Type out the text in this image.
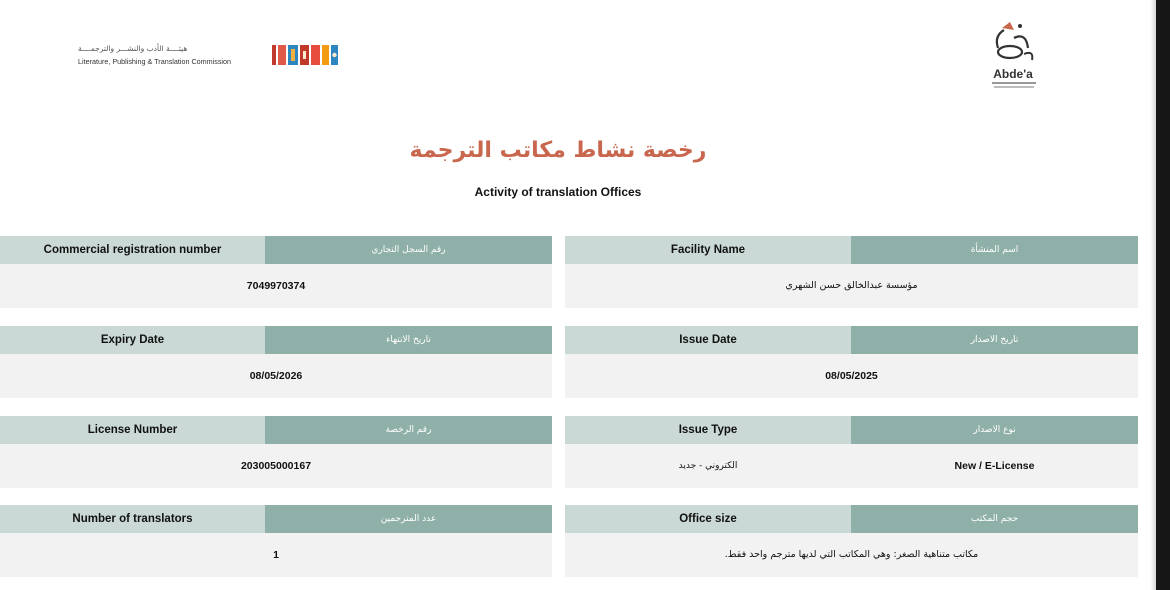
هيئــــة الأدب والنشـــر والترجمــــة
Literature, Publishing & Translation Commission
Abde'a
رخصة نشاط مكاتب الترجمة
Activity of translation Offices
Commercial registration number	رقم السجل التجاري
7049970374
Facility Name	اسم المنشأة
مؤسسة عبدالخالق حسن الشهري
Expiry Date	تاريخ الانتهاء
08/05/2026
Issue Date	تاريخ الاصدار
08/05/2025
License Number	رقم الرخصة
203005000167
Issue Type	نوع الاصدار
الكتروني - جديد	New / E-License
Number of translators	عدد المترجمين
1
Office size	حجم المكتب
مكاتب متناهية الصغر: وهي المكاتب التي لديها مترجم واحد فقط.
